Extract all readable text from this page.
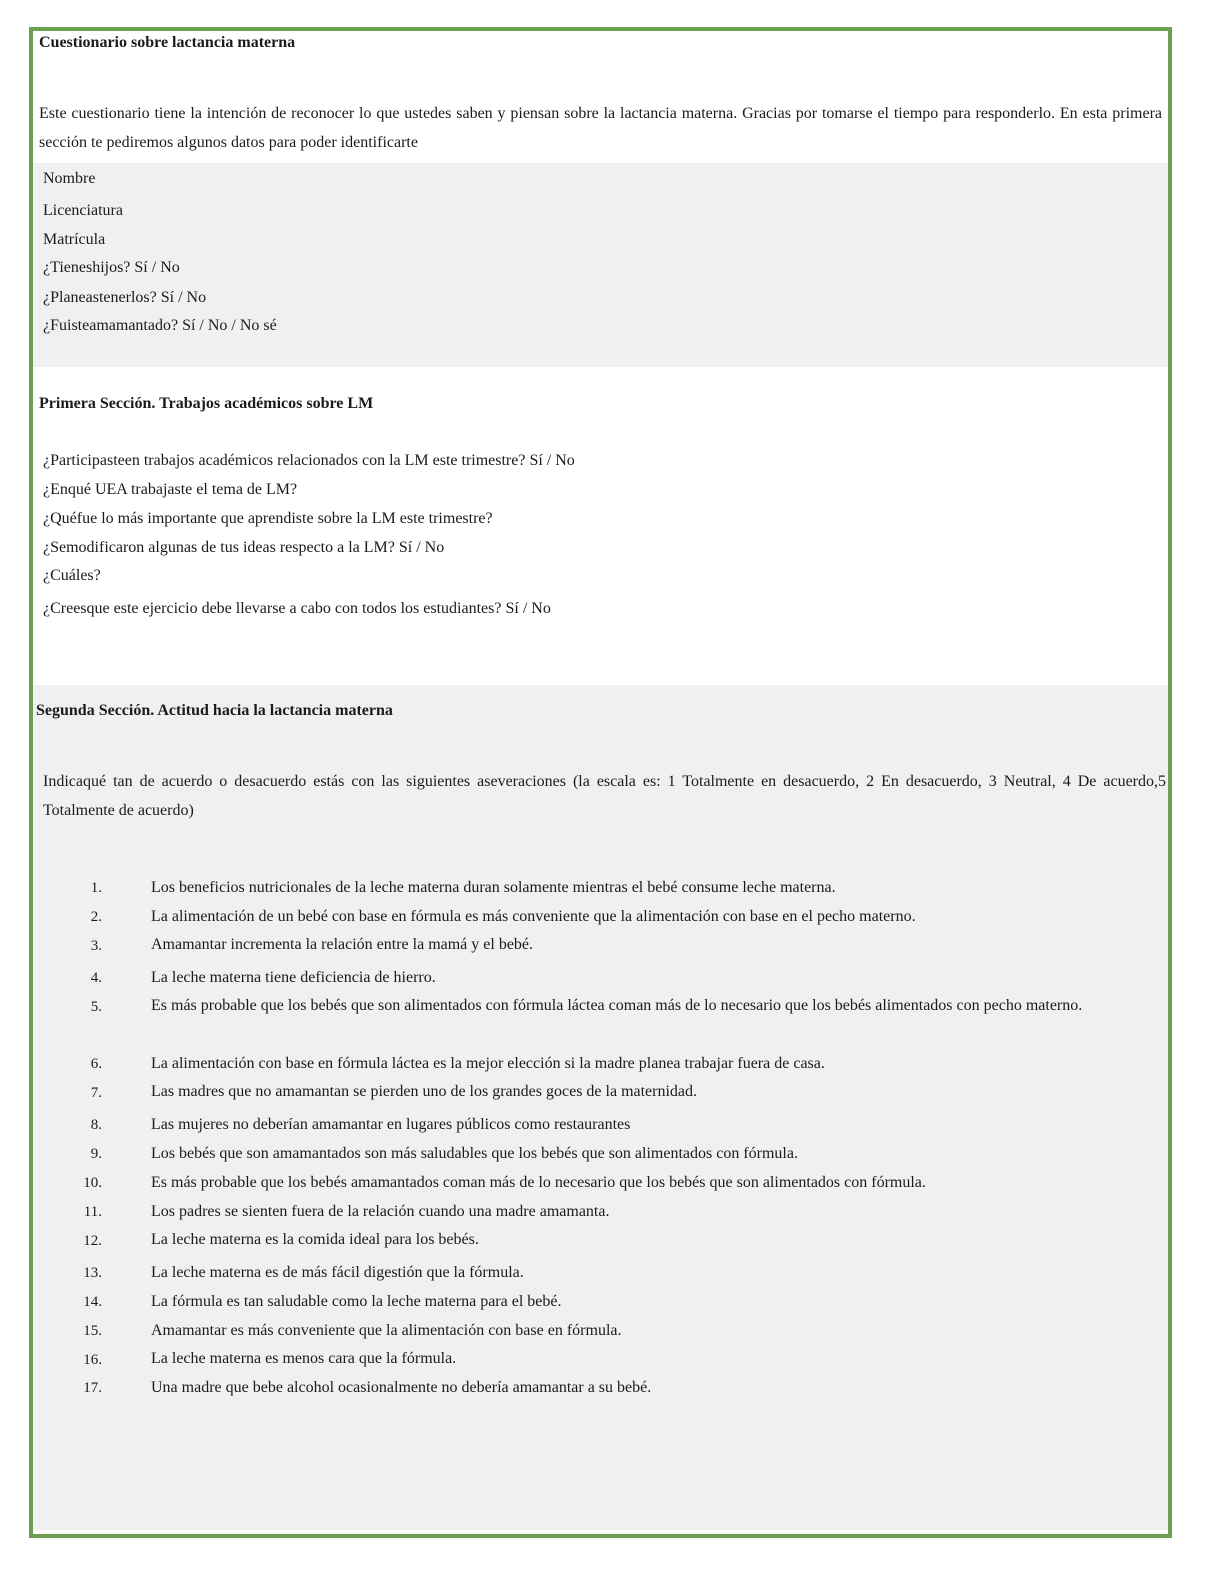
Cuestionario sobre lactancia materna
Este cuestionario tiene la intención de reconocer lo que ustedes saben y piensan sobre la lactancia materna. Gracias por tomarse el tiempo para responderlo. En esta primera sección te pediremos algunos datos para poder identificarte
Nombre
Licenciatura
Matrícula
¿Tieneshijos? Sí / No
¿Planeastenerlos? Sí / No
¿Fuisteamamantado? Sí / No / No sé
Primera Sección. Trabajos académicos sobre LM
¿Participasteen trabajos académicos relacionados con la LM este trimestre? Sí / No
¿Enqué UEA trabajaste el tema de LM?
¿Quéfue lo más importante que aprendiste sobre la LM este trimestre?
¿Semodificaron algunas de tus ideas respecto a la LM? Sí / No
¿Cuáles?
¿Creesque este ejercicio debe llevarse a cabo con todos los estudiantes? Sí / No
Segunda Sección. Actitud hacia la lactancia materna
Indicaqué tan de acuerdo o desacuerdo estás con las siguientes aseveraciones (la escala es: 1 Totalmente en desacuerdo, 2 En desacuerdo, 3 Neutral, 4 De acuerdo,5 Totalmente de acuerdo)
1.	Los beneficios nutricionales de la leche materna duran solamente mientras el bebé consume leche materna.
2.	La alimentación de un bebé con base en fórmula es más conveniente que la alimentación con base en el pecho materno.
3.	Amamantar incrementa la relación entre la mamá y el bebé.
4.	La leche materna tiene deficiencia de hierro.
5.	Es más probable que los bebés que son alimentados con fórmula láctea coman más de lo necesario que los bebés alimentados con pecho materno.
6.	La alimentación con base en fórmula láctea es la mejor elección si la madre planea trabajar fuera de casa.
7.	Las madres que no amamantan se pierden uno de los grandes goces de la maternidad.
8.	Las mujeres no deberían amamantar en lugares públicos como restaurantes
9.	Los bebés que son amamantados son más saludables que los bebés que son alimentados con fórmula.
10.	Es más probable que los bebés amamantados coman más de lo necesario que los bebés que son alimentados con fórmula.
11.	Los padres se sienten fuera de la relación cuando una madre amamanta.
12.	La leche materna es la comida ideal para los bebés.
13.	La leche materna es de más fácil digestión que la fórmula.
14.	La fórmula es tan saludable como la leche materna para el bebé.
15.	Amamantar es más conveniente que la alimentación con base en fórmula.
16.	La leche materna es menos cara que la fórmula.
17.	Una madre que bebe alcohol ocasionalmente no debería amamantar a su bebé.
